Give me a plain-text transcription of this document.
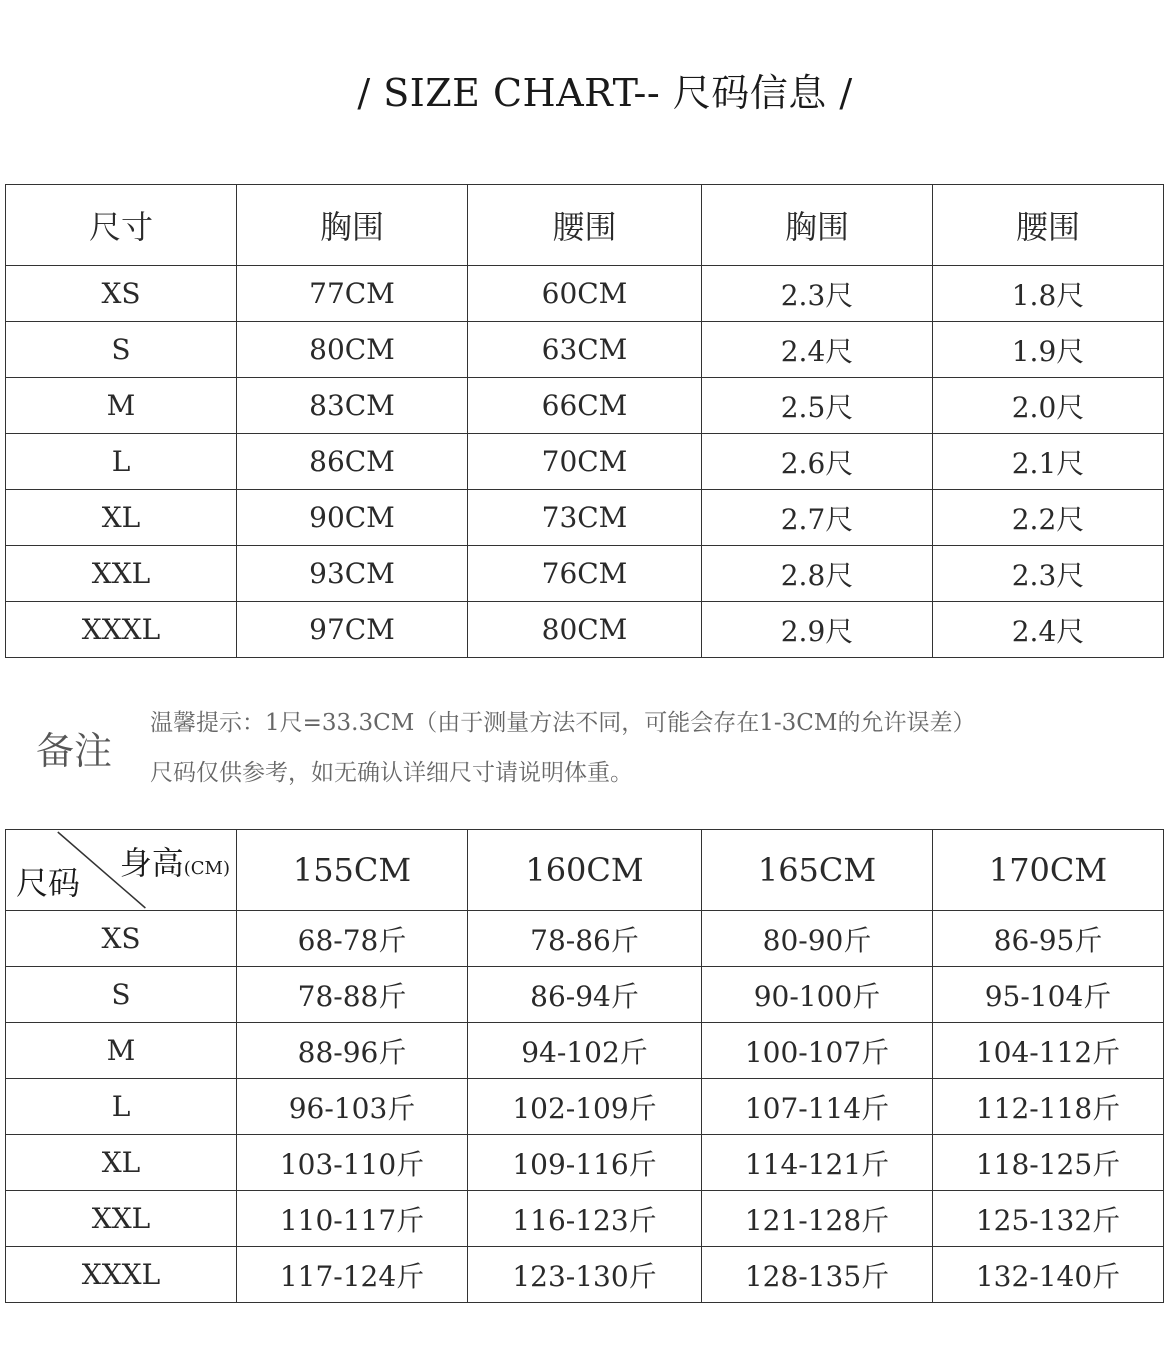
/ SIZE CHART-- 尺码信息 /
尺寸	胸围	腰围	胸围	腰围
XS	77CM	60CM	2.3尺	1.8尺
S	80CM	63CM	2.4尺	1.9尺
M	83CM	66CM	2.5尺	2.0尺
L	86CM	70CM	2.6尺	2.1尺
XL	90CM	73CM	2.7尺	2.2尺
XXL	93CM	76CM	2.8尺	2.3尺
XXXL	97CM	80CM	2.9尺	2.4尺
备注
温馨提示：1尺=33.3CM（由于测量方法不同，可能会存在1-3CM的允许误差）
尺码仅供参考，如无确认详细尺寸请说明体重。
身高(CM)
尺码	155CM	160CM	165CM	170CM
XS	68-78斤	78-86斤	80-90斤	86-95斤
S	78-88斤	86-94斤	90-100斤	95-104斤
M	88-96斤	94-102斤	100-107斤	104-112斤
L	96-103斤	102-109斤	107-114斤	112-118斤
XL	103-110斤	109-116斤	114-121斤	118-125斤
XXL	110-117斤	116-123斤	121-128斤	125-132斤
XXXL	117-124斤	123-130斤	128-135斤	132-140斤
